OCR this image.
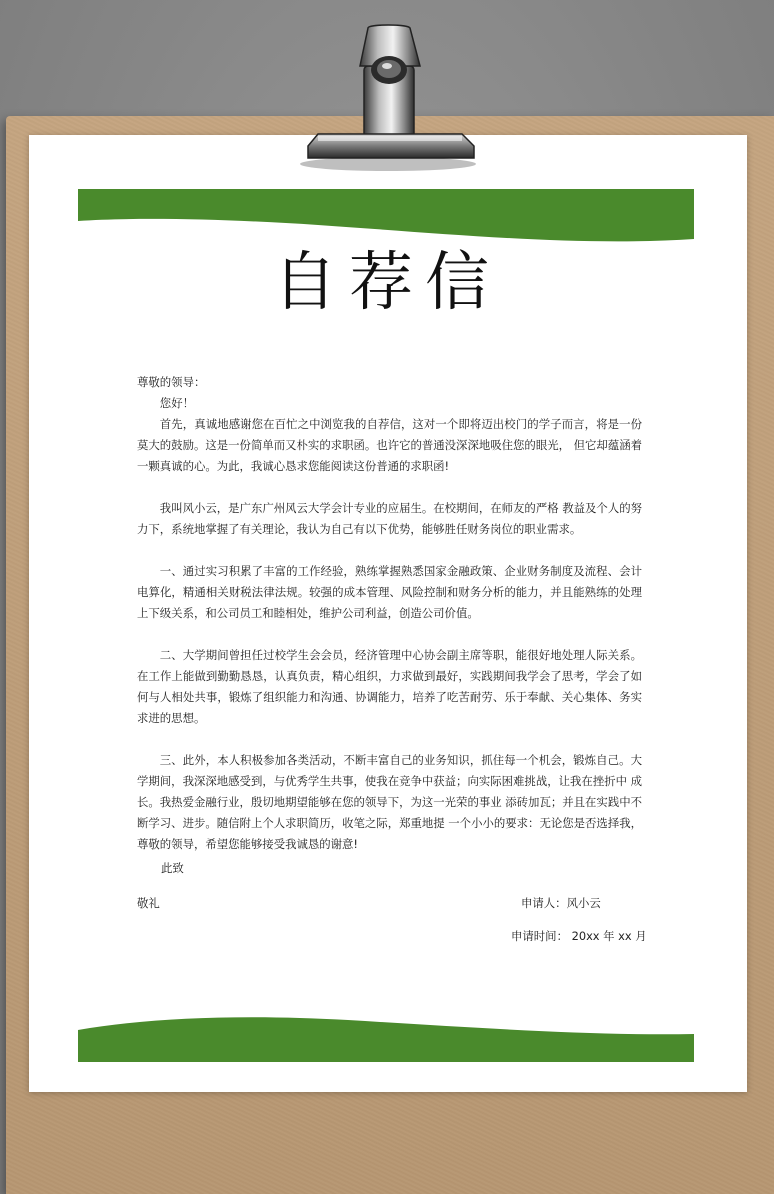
自荐信

尊敬的领导：

您好！

首先，真诚地感谢您在百忙之中浏览我的自荐信，这对一个即将迈出校门的学子而言，将是一份莫大的鼓励。这是一份简单而又朴实的求职函。也许它的普通没深深地吸住您的眼光， 但它却蕴涵着一颗真诚的心。为此，我诚心恳求您能阅读这份普通的求职函!

我叫风小云，是广东广州风云大学会计专业的应届生。在校期间，在师友的严格 教益及个人的努力下，系统地掌握了有关理论，我认为自己有以下优势，能够胜任财务岗位的职业需求。

一、通过实习积累了丰富的工作经验，熟练掌握熟悉国家金融政策、企业财务制度及流程、会计电算化，精通相关财税法律法规。较强的成本管理、风险控制和财务分析的能力，并且能熟练的处理上下级关系，和公司员工和睦相处，维护公司利益，创造公司价值。

二、大学期间曾担任过校学生会会员，经济管理中心协会副主席等职，能很好地处理人际关系。在工作上能做到勤勤恳恳，认真负责，精心组织，力求做到最好，实践期间我学会了思考，学会了如何与人相处共事，锻炼了组织能力和沟通、协调能力，培养了吃苦耐劳、乐于奉献、关心集体、务实求进的思想。

三、此外，本人积极参加各类活动，不断丰富自己的业务知识，抓住每一个机会，锻炼自己。大学期间，我深深地感受到，与优秀学生共事，使我在竞争中获益；向实际困难挑战，让我在挫折中 成长。我热爱金融行业，殷切地期望能够在您的领导下，为这一光荣的事业 添砖加瓦；并且在实践中不断学习、进步。随信附上个人求职简历，收笔之际，郑重地提 一个小小的要求：无论您是否选择我，尊敬的领导，希望您能够接受我诚恳的谢意!

此致
敬礼	申请人：风小云
申请时间： 20xx 年 xx 月
